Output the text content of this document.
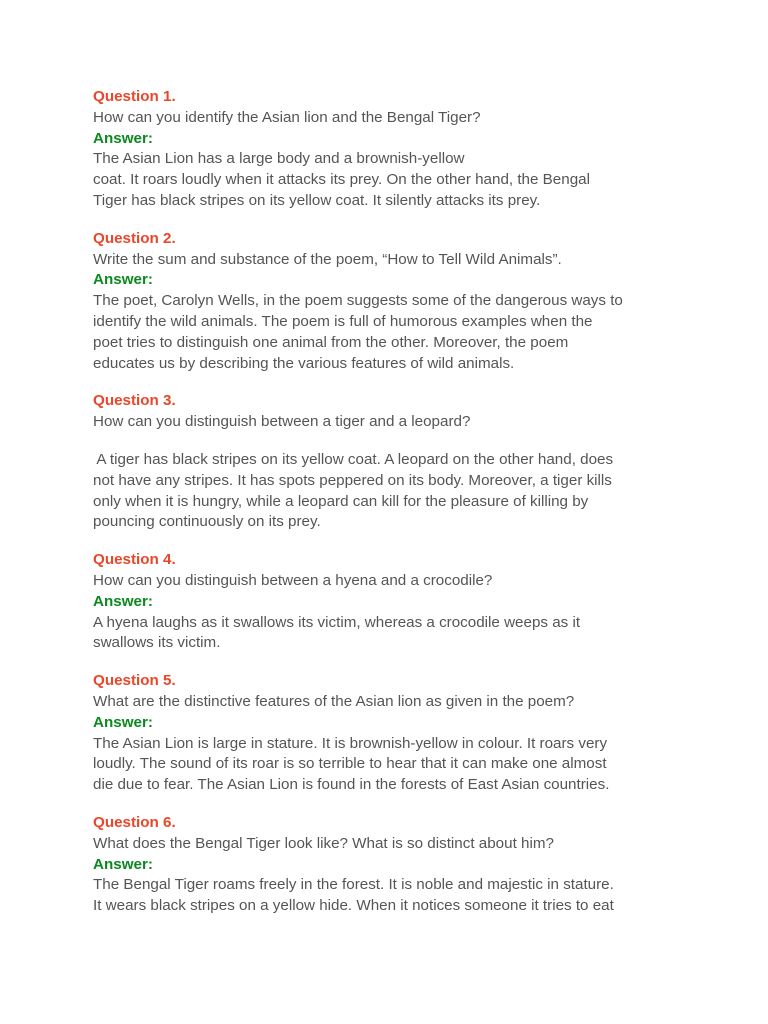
Question 1.
How can you identify the Asian lion and the Bengal Tiger?
Answer:
The Asian Lion has a large body and a brownish-yellow
coat. It roars loudly when it attacks its prey. On the other hand, the Bengal
Tiger has black stripes on its yellow coat. It silently attacks its prey.
Question 2.
Write the sum and substance of the poem, “How to Tell Wild Animals”.
Answer:
The poet, Carolyn Wells, in the poem suggests some of the dangerous ways to
identify the wild animals. The poem is full of humorous examples when the
poet tries to distinguish one animal from the other. Moreover, the poem
educates us by describing the various features of wild animals.
Question 3.
How can you distinguish between a tiger and a leopard?
A tiger has black stripes on its yellow coat. A leopard on the other hand, does
not have any stripes. It has spots peppered on its body. Moreover, a tiger kills
only when it is hungry, while a leopard can kill for the pleasure of killing by
pouncing continuously on its prey.
Question 4.
How can you distinguish between a hyena and a crocodile?
Answer:
A hyena laughs as it swallows its victim, whereas a crocodile weeps as it
swallows its victim.
Question 5.
What are the distinctive features of the Asian lion as given in the poem?
Answer:
The Asian Lion is large in stature. It is brownish-yellow in colour. It roars very
loudly. The sound of its roar is so terrible to hear that it can make one almost
die due to fear. The Asian Lion is found in the forests of East Asian countries.
Question 6.
What does the Bengal Tiger look like? What is so distinct about him?
Answer:
The Bengal Tiger roams freely in the forest. It is noble and majestic in stature.
It wears black stripes on a yellow hide. When it notices someone it tries to eat
